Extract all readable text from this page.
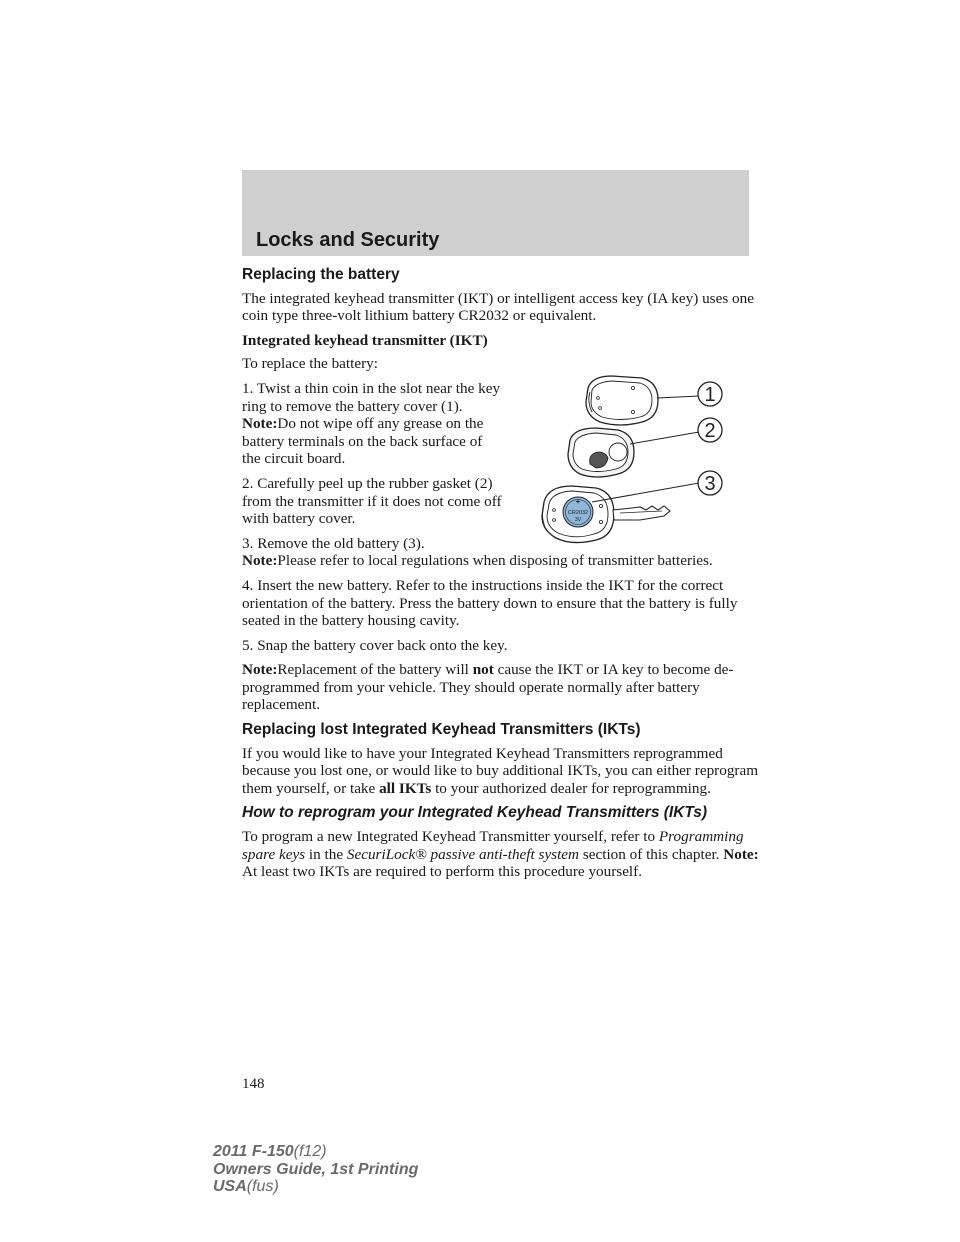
Locks and Security
Replacing the battery

The integrated keyhead transmitter (IKT) or intelligent access key (IA key) uses one coin type three-volt lithium battery CR2032 or equivalent.

Integrated keyhead transmitter (IKT)

To replace the battery:

1. Twist a thin coin in the slot near the key ring to remove the battery cover (1).

Note:Do not wipe off any grease on the battery terminals on the back surface of the circuit board.

2. Carefully peel up the rubber gasket (2) from the transmitter if it does not come off with battery cover.

3. Remove the old battery (3).

Note:Please refer to local regulations when disposing of transmitter batteries.

4. Insert the new battery. Refer to the instructions inside the IKT for the correct orientation of the battery. Press the battery down to ensure that the battery is fully seated in the battery housing cavity.

5. Snap the battery cover back onto the key.

Note:Replacement of the battery will not cause the IKT or IA key to become de-programmed from your vehicle. They should operate normally after battery replacement.

Replacing lost Integrated Keyhead Transmitters (IKTs)

If you would like to have your Integrated Keyhead Transmitters reprogrammed because you lost one, or would like to buy additional IKTs, you can either reprogram them yourself, or take all IKTs to your authorized dealer for reprogramming.

How to reprogram your Integrated Keyhead Transmitters (IKTs)

To program a new Integrated Keyhead Transmitter yourself, refer to Programming spare keys in the SecuriLock® passive anti-theft system section of this chapter. Note: At least two IKTs are required to perform this procedure yourself.

+
CR2032
3V
1
2
3
148
2011 F-150(f12)
Owners Guide, 1st Printing
USA(fus)
